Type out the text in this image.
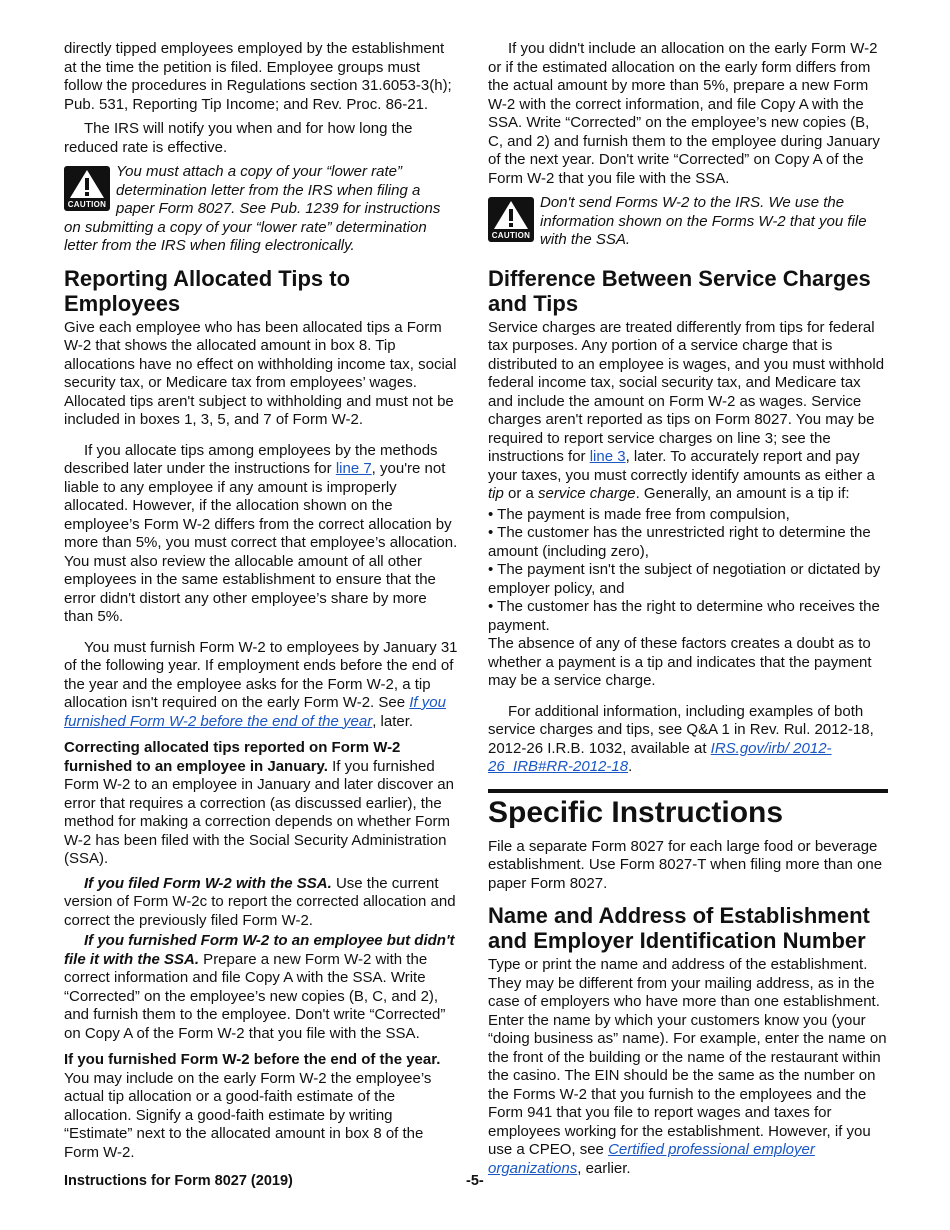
directly tipped employees employed by the establishment at the time the petition is filed. Employee groups must follow the procedures in Regulations section 31.6053-3(h); Pub. 531, Reporting Tip Income; and Rev. Proc. 86-21.

The IRS will notify you when and for how long the reduced rate is effective.

CAUTION
You must attach a copy of your “lower rate” determination letter from the IRS when filing a paper Form 8027. See Pub. 1239 for instructions on submitting a copy of your “lower rate” determination letter from the IRS when filing electronically.
Reporting Allocated Tips to Employees

Give each employee who has been allocated tips a Form W-2 that shows the allocated amount in box 8. Tip allocations have no effect on withholding income tax, social security tax, or Medicare tax from employees’ wages. Allocated tips aren't subject to withholding and must not be included in boxes 1, 3, 5, and 7 of Form W-2.

If you allocate tips among employees by the methods described later under the instructions for line 7, you're not liable to any employee if any amount is improperly allocated. However, if the allocation shown on the employee’s Form W-2 differs from the correct allocation by more than 5%, you must correct that employee’s allocation. You must also review the allocable amount of all other employees in the same establishment to ensure that the error didn't distort any other employee’s share by more than 5%.

You must furnish Form W-2 to employees by January 31 of the following year. If employment ends before the end of the year and the employee asks for the Form W-2, a tip allocation isn't required on the early Form W-2. See If you furnished Form W-2 before the end of the year, later.

Correcting allocated tips reported on Form W-2 furnished to an employee in January. If you furnished Form W-2 to an employee in January and later discover an error that requires a correction (as discussed earlier), the method for making a correction depends on whether Form W-2 has been filed with the Social Security Administration (SSA).

If you filed Form W-2 with the SSA. Use the current version of Form W-2c to report the corrected allocation and correct the previously filed Form W-2.

If you furnished Form W-2 to an employee but didn't file it with the SSA. Prepare a new Form W-2 with the correct information and file Copy A with the SSA. Write “Corrected” on the employee’s new copies (B, C, and 2), and furnish them to the employee. Don't write “Corrected” on Copy A of the Form W-2 that you file with the SSA.

If you furnished Form W-2 before the end of the year. You may include on the early Form W-2 the employee’s actual tip allocation or a good-faith estimate of the allocation. Signify a good-faith estimate by writing “Estimate” next to the allocated amount in box 8 of the Form W-2.

If you didn't include an allocation on the early Form W-2 or if the estimated allocation on the early form differs from the actual amount by more than 5%, prepare a new Form W-2 with the correct information, and file Copy A with the SSA. Write “Corrected” on the employee’s new copies (B, C, and 2) and furnish them to the employee during January of the next year. Don't write “Corrected” on Copy A of the Form W-2 that you file with the SSA.

CAUTION
Don't send Forms W-2 to the IRS. We use the information shown on the Forms W-2 that you file with the SSA.
Difference Between Service Charges and Tips

Service charges are treated differently from tips for federal tax purposes. Any portion of a service charge that is distributed to an employee is wages, and you must withhold federal income tax, social security tax, and Medicare tax and include the amount on Form W-2 as wages. Service charges aren't reported as tips on Form 8027. You may be required to report service charges on line 3; see the instructions for line 3, later. To accurately report and pay your taxes, you must correctly identify amounts as either a tip or a service charge. Generally, an amount is a tip if:

• The payment is made free from compulsion,

• The customer has the unrestricted right to determine the amount (including zero),

• The payment isn't the subject of negotiation or dictated by employer policy, and

• The customer has the right to determine who receives the payment.

The absence of any of these factors creates a doubt as to whether a payment is a tip and indicates that the payment may be a service charge.

For additional information, including examples of both service charges and tips, see Q&A 1 in Rev. Rul. 2012-18, 2012-26 I.R.B. 1032, available at IRS.gov/irb/ 2012-26_IRB#RR-2012-18.

Specific Instructions

File a separate Form 8027 for each large food or beverage establishment. Use Form 8027-T when filing more than one paper Form 8027.

Name and Address of Establishment and Employer Identification Number

Type or print the name and address of the establishment. They may be different from your mailing address, as in the case of employers who have more than one establishment. Enter the name by which your customers know you (your “doing business as” name). For example, enter the name on the front of the building or the name of the restaurant within the casino. The EIN should be the same as the number on the Forms W-2 that you furnish to the employees and the Form 941 that you file to report wages and taxes for employees working for the establishment. However, if you use a CPEO, see Certified professional employer organizations, earlier.

Instructions for Form 8027 (2019)	-5-
